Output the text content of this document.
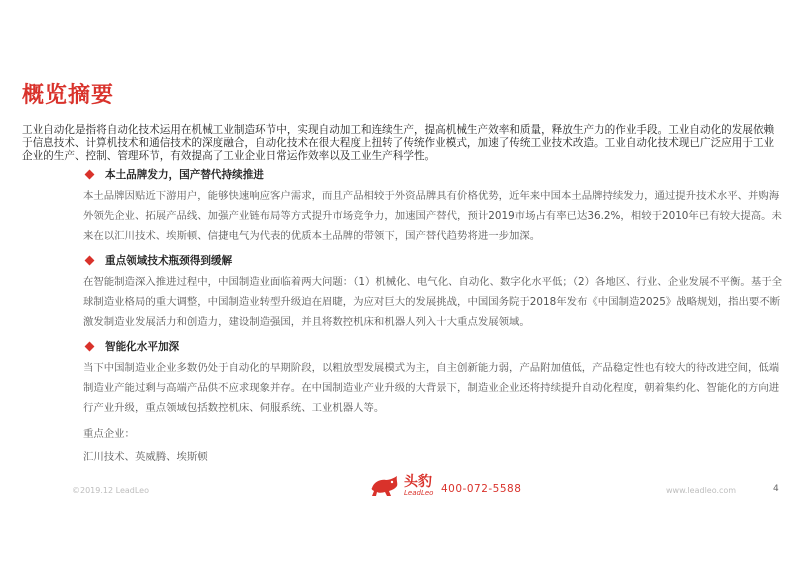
概览摘要
工业自动化是指将自动化技术运用在机械工业制造环节中，实现自动加工和连续生产，提高机械生产效率和质量，释放生产力的作业手段。工业自动化的发展依赖于信息技术、计算机技术和通信技术的深度融合，自动化技术在很大程度上扭转了传统作业模式，加速了传统工业技术改造。工业自动化技术现已广泛应用于工业企业的生产、控制、管理环节，有效提高了工业企业日常运作效率以及工业生产科学性。
本土品牌发力，国产替代持续推进
本土品牌因贴近下游用户，能够快速响应客户需求，而且产品相较于外资品牌具有价格优势，近年来中国本土品牌持续发力，通过提升技术水平、并购海外领先企业、拓展产品线、加强产业链布局等方式提升市场竞争力，加速国产替代，预计2019市场占有率已达36.2%，相较于2010年已有较大提高。未来在以汇川技术、埃斯顿、信捷电气为代表的优质本土品牌的带领下，国产替代趋势将进一步加深。
重点领域技术瓶颈得到缓解
在智能制造深入推进过程中，中国制造业面临着两大问题：（1）机械化、电气化、自动化、数字化水平低；（2）各地区、行业、企业发展不平衡。基于全球制造业格局的重大调整，中国制造业转型升级迫在眉睫，为应对巨大的发展挑战，中国国务院于2018年发布《中国制造2025》战略规划，指出要不断激发制造业发展活力和创造力，建设制造强国，并且将数控机床和机器人列入十大重点发展领域。
智能化水平加深
当下中国制造业企业多数仍处于自动化的早期阶段，以粗放型发展模式为主，自主创新能力弱，产品附加值低，产品稳定性也有较大的待改进空间，低端制造业产能过剩与高端产品供不应求现象并存。在中国制造业产业升级的大背景下，制造业企业还将持续提升自动化程度，朝着集约化、智能化的方向进行产业升级，重点领域包括数控机床、伺服系统、工业机器人等。
重点企业：
汇川技术、英威腾、埃斯顿
©2019.12 LeadLeo
头豹
LeadLeo 400-072-5588	www.leadleo.com	4
